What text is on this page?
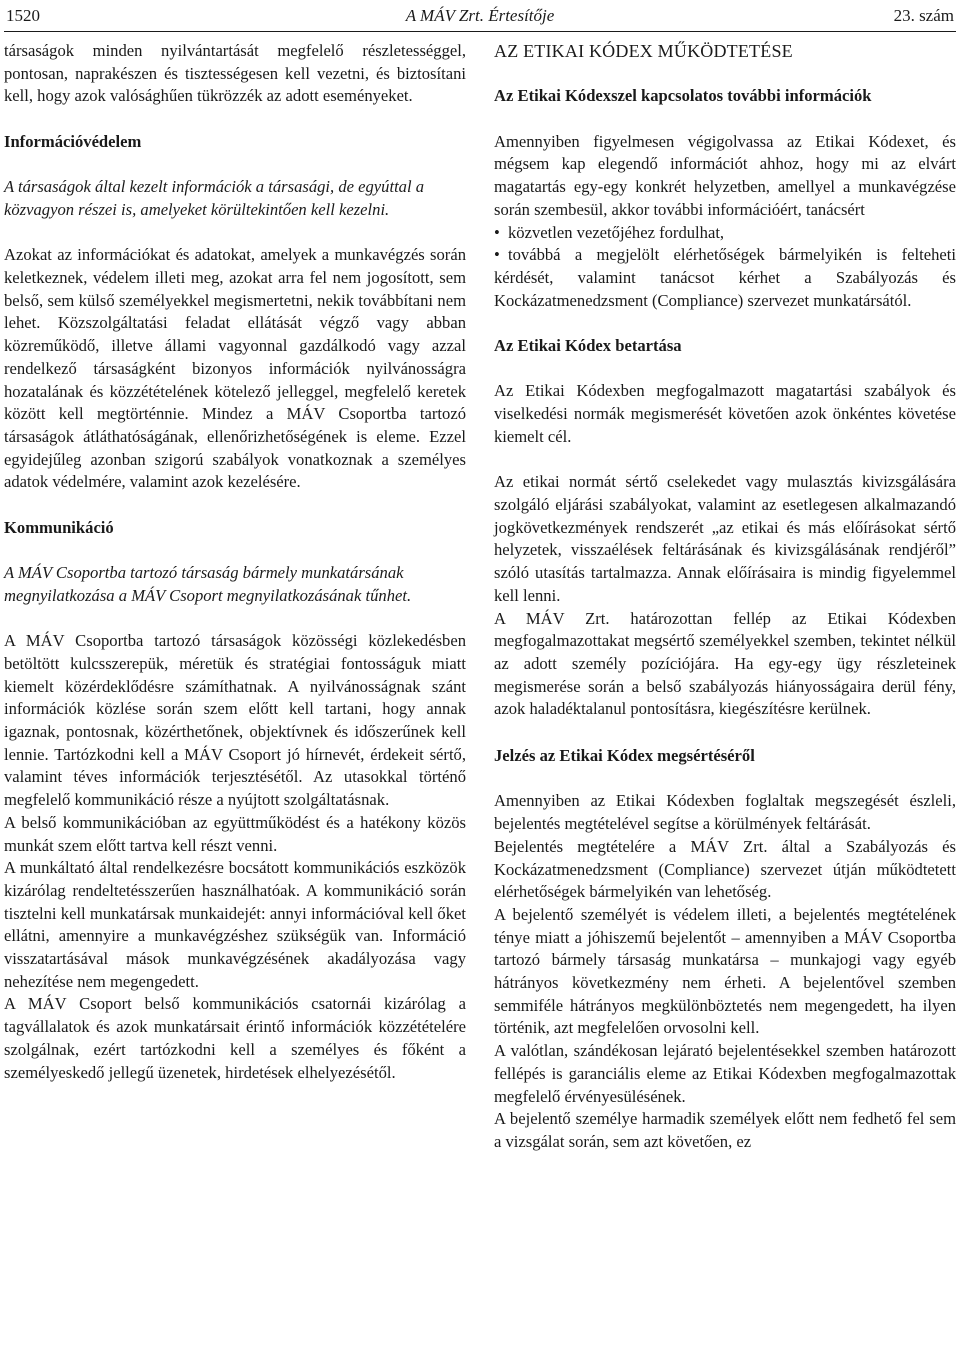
1520	A MÁV Zrt. Értesítője	23. szám

társaságok minden nyilvántartását megfelelő részletességgel, pontosan, naprakészen és tisztességesen kell vezetni, és biztosítani kell, hogy azok valósághűen tükrözzék az adott eseményeket.

Információvédelem

A társaságok által kezelt információk a társasági, de egyúttal a közvagyon részei is, amelyeket körültekintően kell kezelni.

Azokat az információkat és adatokat, amelyek a munkavégzés során keletkeznek, védelem illeti meg, azokat arra fel nem jogosított, sem belső, sem külső személyekkel megismertetni, nekik továbbítani nem lehet. Közszolgáltatási feladat ellátását végző vagy abban közreműködő, illetve állami vagyonnal gazdálkodó vagy azzal rendelkező társaságként bizonyos információk nyilvánosságra hozatalának és közzétételének kötelező jelleggel, megfelelő keretek között kell megtörténnie. Mindez a MÁV Csoportba tartozó társaságok átláthatóságának, ellenőrizhetőségének is eleme. Ezzel egyidejűleg azonban szigorú szabályok vonatkoznak a személyes adatok védelmére, valamint azok kezelésére.

Kommunikáció

A MÁV Csoportba tartozó társaság bármely munkatársának megnyilatkozása a MÁV Csoport megnyilatkozásának tűnhet.

A MÁV Csoportba tartozó társaságok közösségi közlekedésben betöltött kulcsszerepük, méretük és stratégiai fontosságuk miatt kiemelt közérdeklődésre számíthatnak. A nyilvánosságnak szánt információk közlése során szem előtt kell tartani, hogy annak igaznak, pontosnak, közérthetőnek, objektívnek és időszerűnek kell lennie. Tartózkodni kell a MÁV Csoport jó hírnevét, érdekeit sértő, valamint téves információk terjesztésétől. Az utasokkal történő megfelelő kommunikáció része a nyújtott szolgáltatásnak.

A belső kommunikációban az együttműködést és a hatékony közös munkát szem előtt tartva kell részt venni.

A munkáltató által rendelkezésre bocsátott kommunikációs eszközök kizárólag rendeltetésszerűen használhatóak. A kommunikáció során tisztelni kell munkatársak munkaidejét: annyi információval kell őket ellátni, amennyire a munkavégzéshez szükségük van. Információ visszatartásával mások munkavégzésének akadályozása vagy nehezítése nem megengedett.

A MÁV Csoport belső kommunikációs csatornái kizárólag a tagvállalatok és azok munkatársait érintő információk közzétételére szolgálnak, ezért tartózkodni kell a személyes és főként a személyeskedő jellegű üzenetek, hirdetések elhelyezésétől.

AZ ETIKAI KÓDEX MŰKÖDTETÉSE

Az Etikai Kódexszel kapcsolatos további információk

Amennyiben figyelmesen végigolvassa az Etikai Kódexet, és mégsem kap elegendő információt ahhoz, hogy mi az elvárt magatartás egy-egy konkrét helyzetben, amellyel a munkavégzése során szembesül, akkor további információért, tanácsért

• közvetlen vezetőjéhez fordulhat,
• továbbá a megjelölt elérhetőségek bármelyikén is felteheti kérdését, valamint tanácsot kérhet a Szabályozás és Kockázatmenedzsment (Compliance) szervezet munkatársától.

Az Etikai Kódex betartása

Az Etikai Kódexben megfogalmazott magatartási szabályok és viselkedési normák megismerését követően azok önkéntes követése kiemelt cél.

Az etikai normát sértő cselekedet vagy mulasztás kivizsgálására szolgáló eljárási szabályokat, valamint az esetlegesen alkalmazandó jogkövetkezmények rendszerét „az etikai és más előírásokat sértő helyzetek, visszaélések feltárásának és kivizsgálásának rendjéről” szóló utasítás tartalmazza. Annak előírásaira is mindig figyelemmel kell lenni.

A MÁV Zrt. határozottan fellép az Etikai Kódexben megfogalmazottakat megsértő személyekkel szemben, tekintet nélkül az adott személy pozíciójára. Ha egy-egy ügy részleteinek megismerése során a belső szabályozás hiányosságaira derül fény, azok haladéktalanul pontosításra, kiegészítésre kerülnek.

Jelzés az Etikai Kódex megsértéséről

Amennyiben az Etikai Kódexben foglaltak megszegését észleli, bejelentés megtételével segítse a körülmények feltárását.

Bejelentés megtételére a MÁV Zrt. által a Szabályozás és Kockázatmenedzsment (Compliance) szervezet útján működtetett elérhetőségek bármelyikén van lehetőség.

A bejelentő személyét is védelem illeti, a bejelentés megtételének ténye miatt a jóhiszemű bejelentőt – amennyiben a MÁV Csoportba tartozó bármely társaság munkatársa – munkajogi vagy egyéb hátrányos következmény nem érheti. A bejelentővel szemben semmiféle hátrányos megkülönböztetés nem megengedett, ha ilyen történik, azt megfelelően orvosolni kell.

A valótlan, szándékosan lejárató bejelentésekkel szemben határozott fellépés is garanciális eleme az Etikai Kódexben megfogalmazottak megfelelő érvényesülésének.

A bejelentő személye harmadik személyek előtt nem fedhető fel sem a vizsgálat során, sem azt követően, ez
